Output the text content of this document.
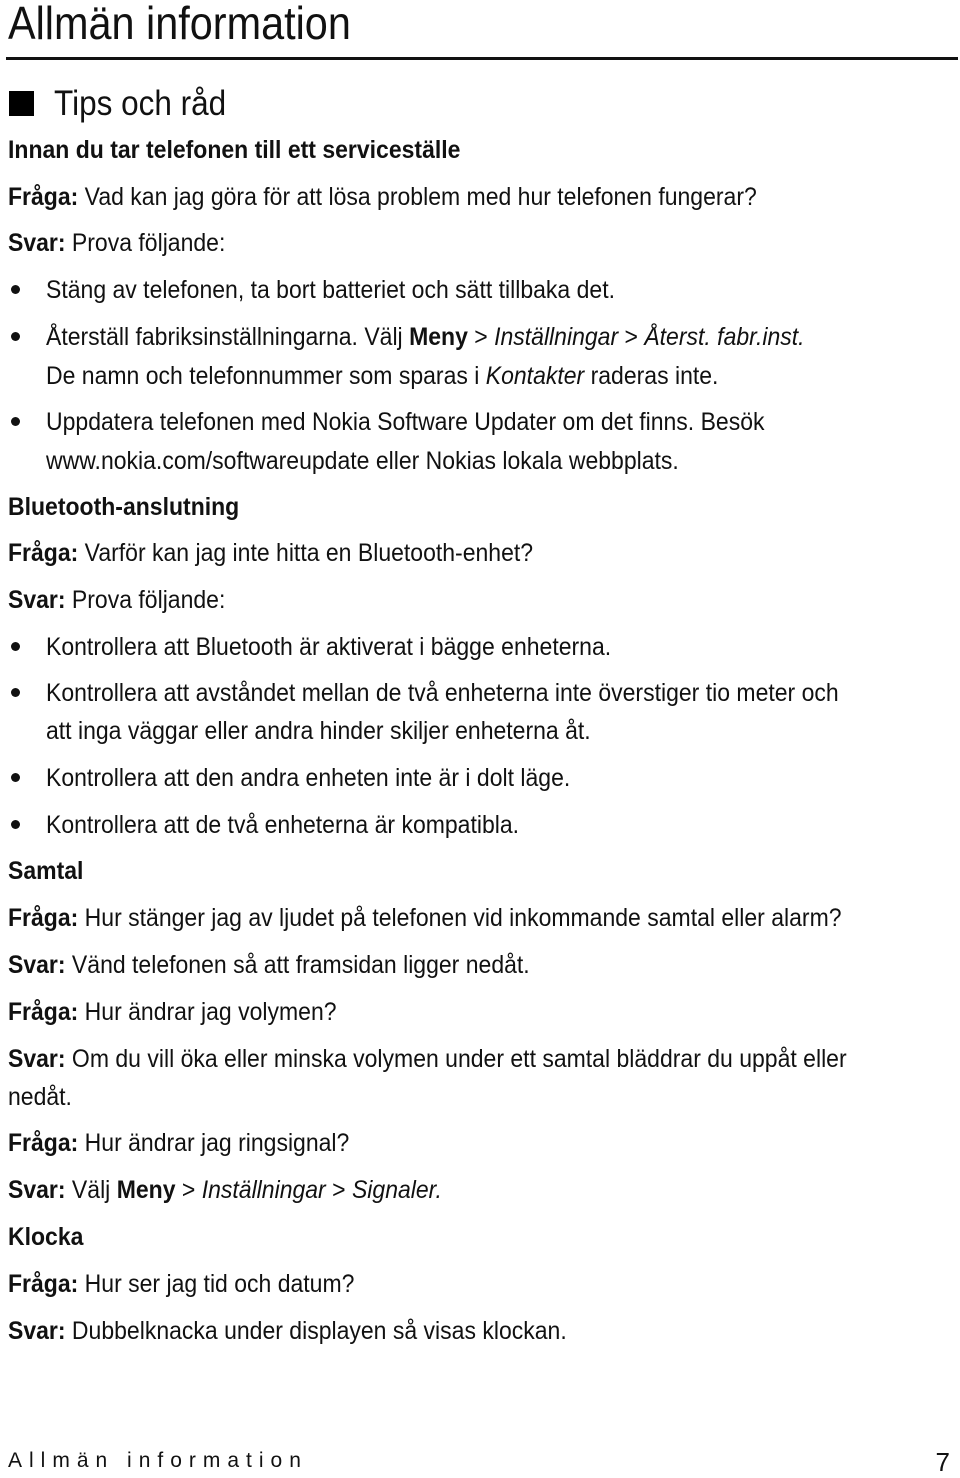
Allmän information
Tips och råd
Innan du tar telefonen till ett serviceställe
Fråga: Vad kan jag göra för att lösa problem med hur telefonen fungerar?
Svar: Prova följande:
Stäng av telefonen, ta bort batteriet och sätt tillbaka det.
Återställ fabriksinställningarna. Välj Meny > Inställningar > Återst. fabr.inst.
De namn och telefonnummer som sparas i Kontakter raderas inte.
Uppdatera telefonen med Nokia Software Updater om det finns. Besök
www.nokia.com/softwareupdate eller Nokias lokala webbplats.
Bluetooth-anslutning
Fråga: Varför kan jag inte hitta en Bluetooth-enhet?
Svar: Prova följande:
Kontrollera att Bluetooth är aktiverat i bägge enheterna.
Kontrollera att avståndet mellan de två enheterna inte överstiger tio meter och
att inga väggar eller andra hinder skiljer enheterna åt.
Kontrollera att den andra enheten inte är i dolt läge.
Kontrollera att de två enheterna är kompatibla.
Samtal
Fråga: Hur stänger jag av ljudet på telefonen vid inkommande samtal eller alarm?
Svar: Vänd telefonen så att framsidan ligger nedåt.
Fråga: Hur ändrar jag volymen?
Svar: Om du vill öka eller minska volymen under ett samtal bläddrar du uppåt eller
nedåt.
Fråga: Hur ändrar jag ringsignal?
Svar: Välj Meny > Inställningar > Signaler.
Klocka
Fråga: Hur ser jag tid och datum?
Svar: Dubbelknacka under displayen så visas klockan.
Allmän information	7
